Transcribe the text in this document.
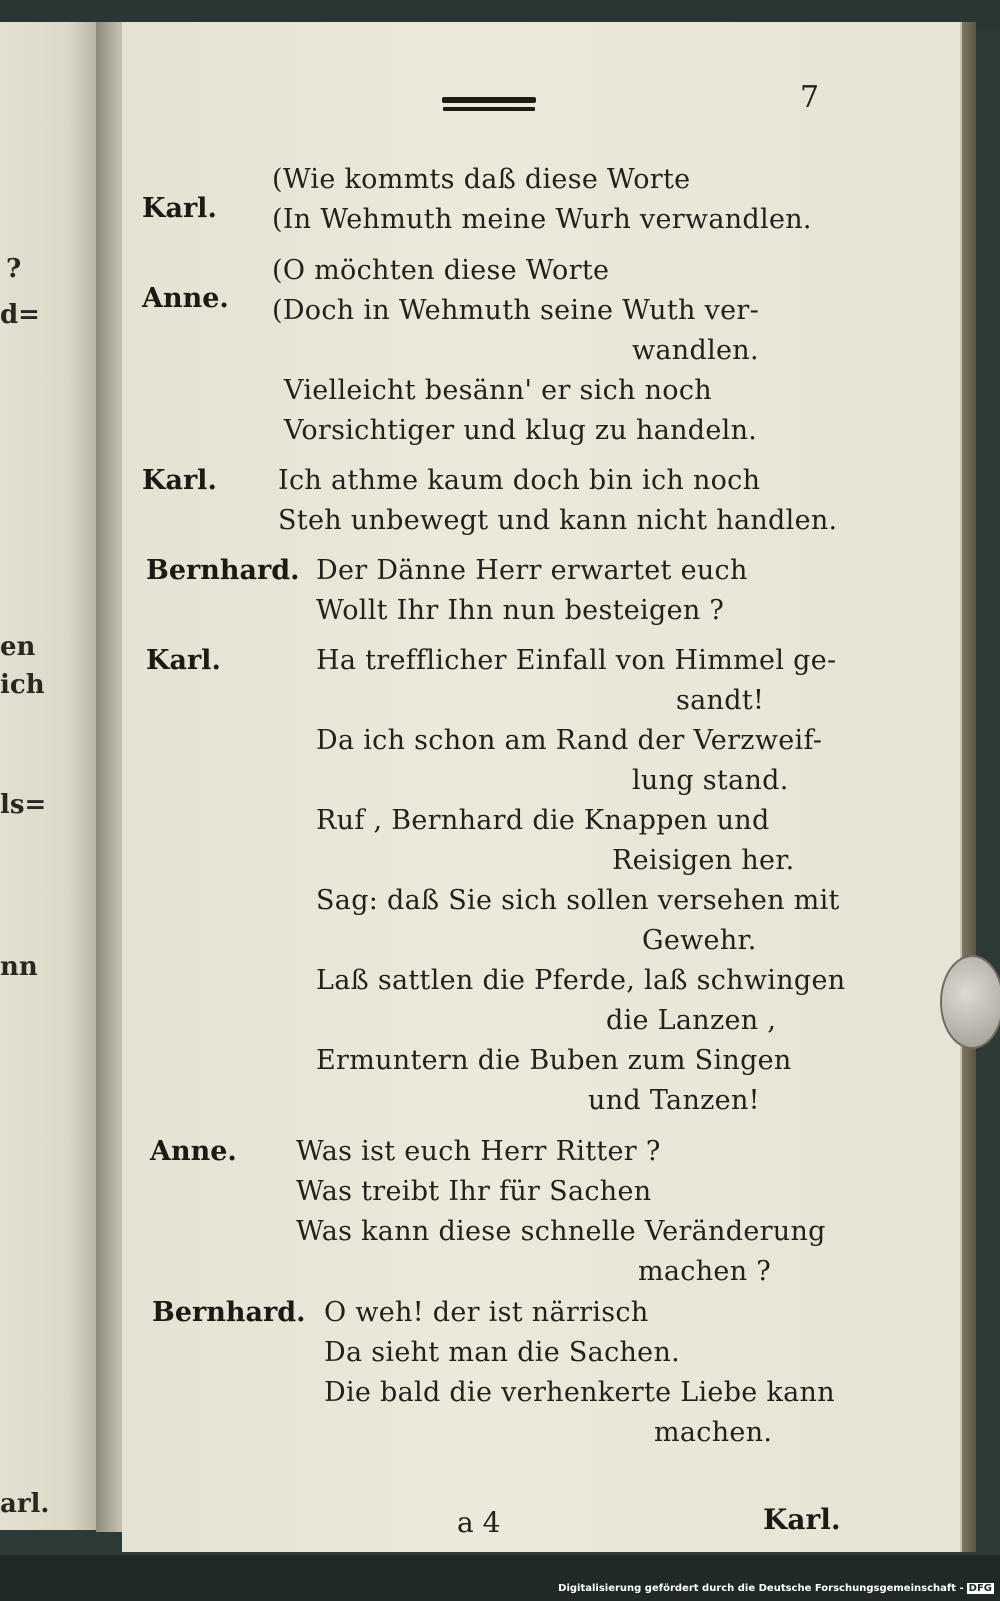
?
d=
en
ich
ls=
nn
arl.
7
Karl.
(Wie kommts daß diese Worte
(In Wehmuth meine Wurh verwandlen.
Anne.
(O möchten diese Worte
(Doch in Wehmuth seine Wuth ver-
wandlen.
Vielleicht besänn' er sich noch
Vorsichtiger und klug zu handeln.
Karl. Ich athme kaum doch bin ich noch
Steh unbewegt und kann nicht handlen.
Bernhard. Der Dänne Herr erwartet euch
Wollt Ihr Ihn nun besteigen ?
Karl.	Ha trefflicher Einfall von Himmel ge-
sandt!
Da ich schon am Rand der Verzweif-
lung stand.
Ruf , Bernhard die Knappen und
Reisigen her.
Sag: daß Sie sich sollen versehen mit
Gewehr.
Laß sattlen die Pferde, laß schwingen
die Lanzen ,
Ermuntern die Buben zum Singen
und Tanzen!
Anne. Was ist euch Herr Ritter ?
Was treibt Ihr für Sachen
Was kann diese schnelle Veränderung
machen ?
Bernhard. O weh! der ist närrisch
Da sieht man die Sachen.
Die bald die verhenkerte Liebe kann
machen.
a 4	Karl.
Digitalisierung gefördert durch die Deutsche Forschungsgemeinschaft - DFG
